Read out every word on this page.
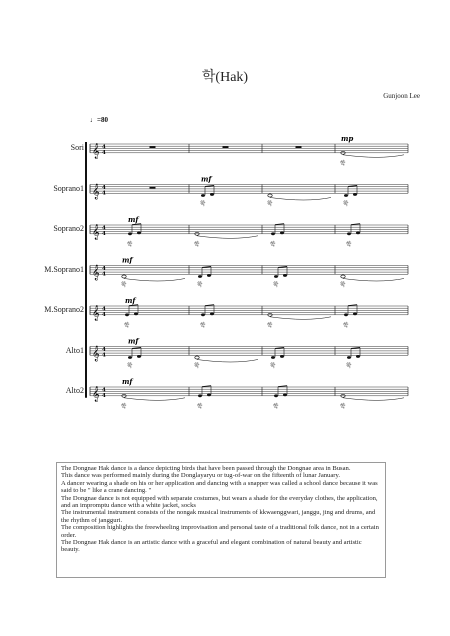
학(Hak)
Gunjoon Lee
♩=80
Sori
Soprano1
Soprano2
M.Soprano1
M.Soprano2
Alto1
Alto2
𝄞 4
4
학
mp
𝄞 4
4
학
mf
학	학
𝄞 4
4
학
mf
학	학	학
𝄞 4
4
학
mf
학	학	학
𝄞 4
4
학
mf
학	학	학
𝄞 4
4
학
mf
학	학	학
𝄞 4
4
학
mf
학	학	학

The Dongnae Hak dance is a dance depicting birds that have been passed through the Dongnae area in Busan.

This dance was performed mainly during the Donglayaryu or tug-of-war on the fifteenth of lunar January.

A dancer wearing a shade on his or her application and dancing with a snapper was called a school dance because it was said to be " like a crane dancing. "

The Dongnae dance is not equipped with separate costumes, but wears a shade for the everyday clothes, the application, and an impromptu dance with a white jacket, socks

The instrumental instrument consists of the nongak musical instruments of kkwaenggwari, janggu, jing and drums, and the rhythm of jangguri.

The composition highlights the freewheeling improvisation and personal taste of a traditional folk dance, not in a certain order.

The Dongnae Hak dance is an artistic dance with a graceful and elegant combination of natural beauty and artistic beauty.
